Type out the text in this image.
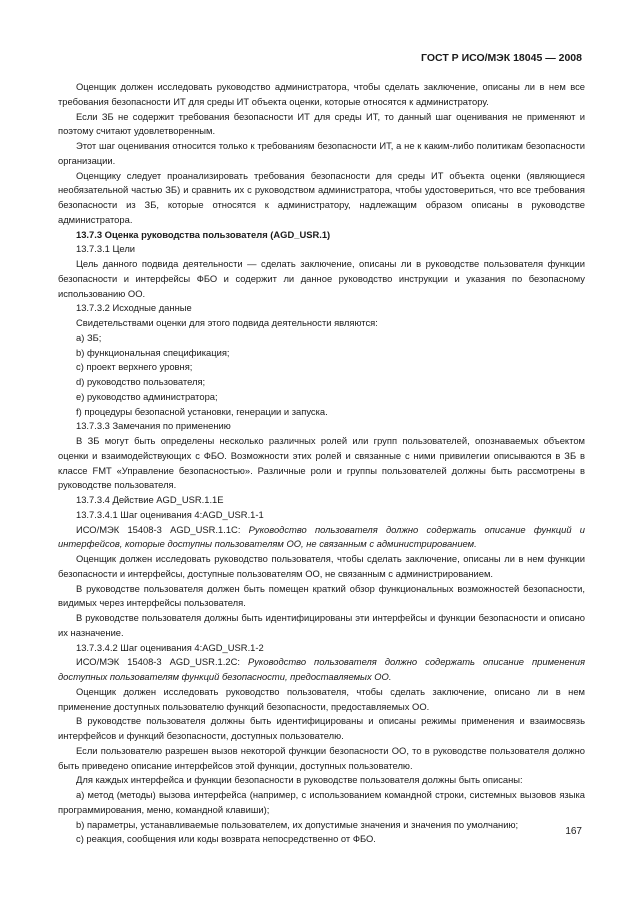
ГОСТ Р ИСО/МЭК 18045 — 2008

Оценщик должен исследовать руководство администратора, чтобы сделать заключение, описаны ли в нем все требования безопасности ИТ для среды ИТ объекта оценки, которые относятся к администратору.

Если ЗБ не содержит требования безопасности ИТ для среды ИТ, то данный шаг оценивания не применяют и поэтому считают удовлетворенным.

Этот шаг оценивания относится только к требованиям безопасности ИТ, а не к каким-либо политикам безопасности организации.

Оценщику следует проанализировать требования безопасности для среды ИТ объекта оценки (являющиеся необязательной частью ЗБ) и сравнить их с руководством администратора, чтобы удостовериться, что все требования безопасности из ЗБ, которые относятся к администратору, надлежащим образом описаны в руководстве администратора.

13.7.3 Оценка руководства пользователя (AGD_USR.1)

13.7.3.1 Цели

Цель данного подвида деятельности — сделать заключение, описаны ли в руководстве пользователя функции безопасности и интерфейсы ФБО и содержит ли данное руководство инструкции и указания по безопасному использованию ОО.

13.7.3.2 Исходные данные

Свидетельствами оценки для этого подвида деятельности являются:

a) ЗБ;

b) функциональная спецификация;

c) проект верхнего уровня;

d) руководство пользователя;

e) руководство администратора;

f) процедуры безопасной установки, генерации и запуска.

13.7.3.3 Замечания по применению

В ЗБ могут быть определены несколько различных ролей или групп пользователей, опознаваемых объектом оценки и взаимодействующих с ФБО. Возможности этих ролей и связанные с ними привилегии описываются в ЗБ в классе FMT «Управление безопасностью». Различные роли и группы пользователей должны быть рассмотрены в руководстве пользователя.

13.7.3.4 Действие AGD_USR.1.1E

13.7.3.4.1 Шаг оценивания 4:AGD_USR.1-1

ИСО/МЭК 15408-3 AGD_USR.1.1C: Руководство пользователя должно содержать описание функций и интерфейсов, которые доступны пользователям ОО, не связанным с администрированием.

Оценщик должен исследовать руководство пользователя, чтобы сделать заключение, описаны ли в нем функции безопасности и интерфейсы, доступные пользователям ОО, не связанным с администрированием.

В руководстве пользователя должен быть помещен краткий обзор функциональных возможностей безопасности, видимых через интерфейсы пользователя.

В руководстве пользователя должны быть идентифицированы эти интерфейсы и функции безопасности и описано их назначение.

13.7.3.4.2 Шаг оценивания 4:AGD_USR.1-2

ИСО/МЭК 15408-3 AGD_USR.1.2C: Руководство пользователя должно содержать описание применения доступных пользователям функций безопасности, предоставляемых ОО.

Оценщик должен исследовать руководство пользователя, чтобы сделать заключение, описано ли в нем применение доступных пользователю функций безопасности, предоставляемых ОО.

В руководстве пользователя должны быть идентифицированы и описаны режимы применения и взаимосвязь интерфейсов и функций безопасности, доступных пользователю.

Если пользователю разрешен вызов некоторой функции безопасности ОО, то в руководстве пользователя должно быть приведено описание интерфейсов этой функции, доступных пользователю.

Для каждых интерфейса и функции безопасности в руководстве пользователя должны быть описаны:

a) метод (методы) вызова интерфейса (например, с использованием командной строки, системных вызовов языка программирования, меню, командной клавиши);

b) параметры, устанавливаемые пользователем, их допустимые значения и значения по умолчанию;

c) реакция, сообщения или коды возврата непосредственно от ФБО.

167
